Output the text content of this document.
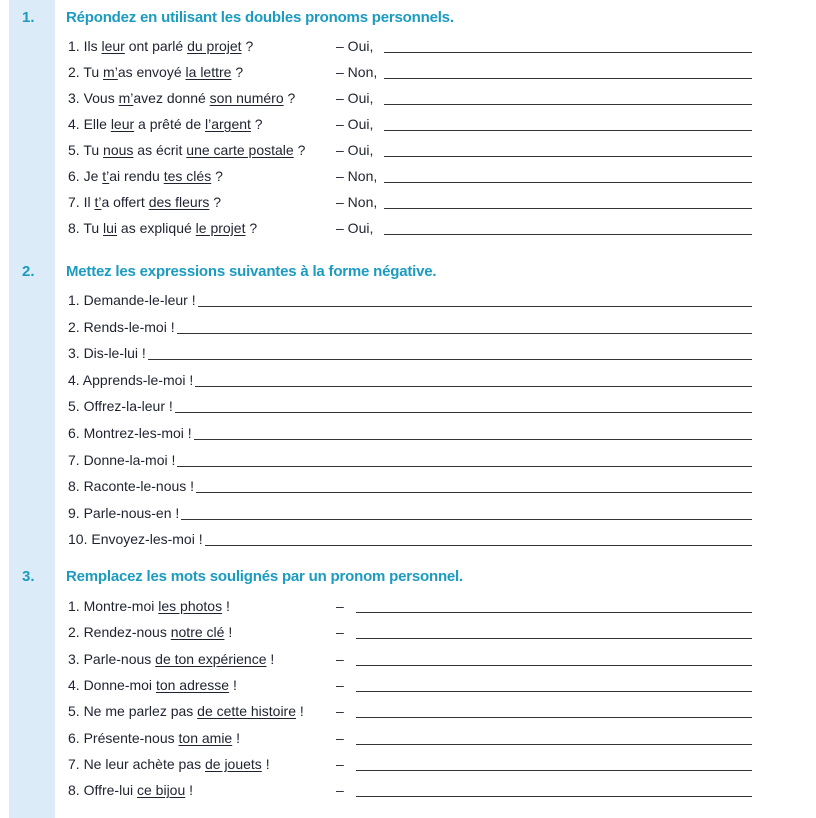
1. Répondez en utilisant les doubles pronoms personnels.
2. Mettez les expressions suivantes à la forme négative.
3. Remplacez les mots soulignés par un pronom personnel.
1. Ils leur ont parlé du projet ?	– Oui,
2. Tu m’as envoyé la lettre ?	– Non,
3. Vous m’avez donné son numéro ?	– Oui,
4. Elle leur a prêté de l’argent ?	– Oui,
5. Tu nous as écrit une carte postale ? – Oui,
6. Je t’ai rendu tes clés ?	– Non,
7. Il t’a offert des fleurs ?	– Non,
8. Tu lui as expliqué le projet ?	– Oui,
1. Demande-le-leur !
2. Rends-le-moi !
3. Dis-le-lui !
4. Apprends-le-moi !
5. Offrez-la-leur !
6. Montrez-les-moi !
7. Donne-la-moi !
8. Raconte-le-nous !
9. Parle-nous-en !
10. Envoyez-les-moi !
1. Montre-moi les photos !	–
2. Rendez-nous notre clé !	–
3. Parle-nous de ton expérience !	–
4. Donne-moi ton adresse !	–
5. Ne me parlez pas de cette histoire ! –
6. Présente-nous ton amie !	–
7. Ne leur achète pas de jouets !	–
8. Offre-lui ce bijou !	–
